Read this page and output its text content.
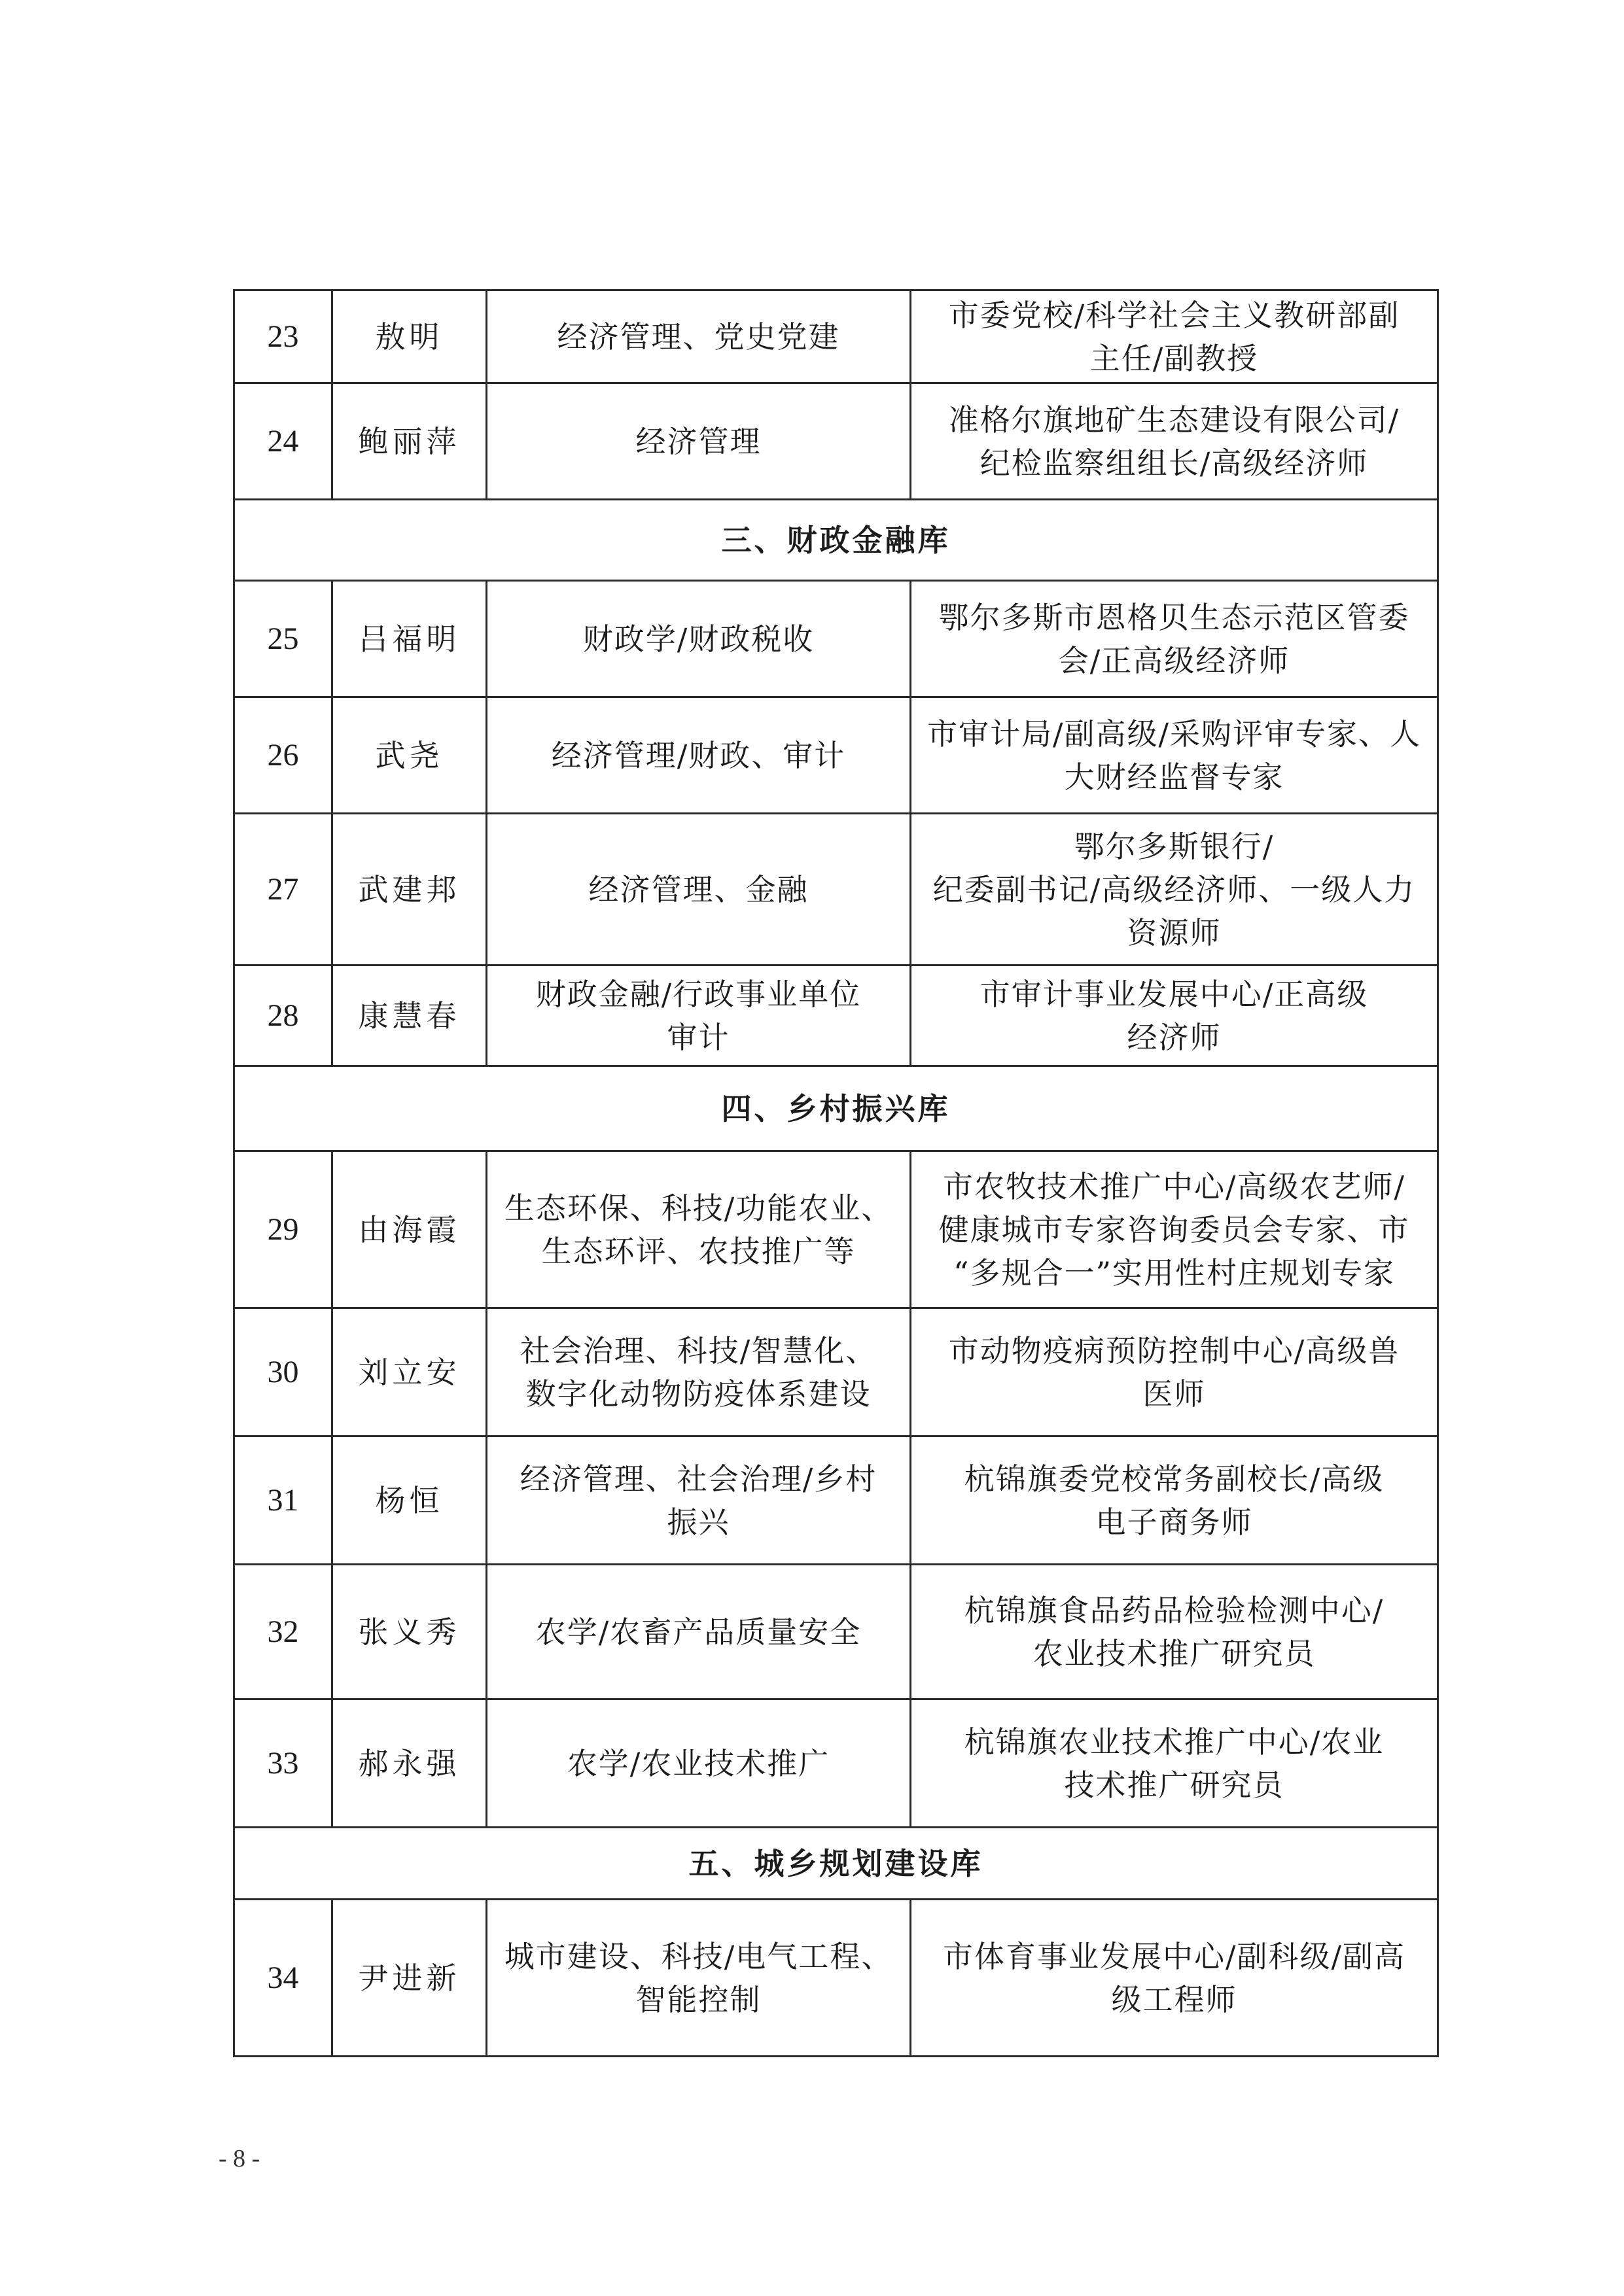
23	敖明	经济管理、党史党建	市委党校/科学社会主义教研部副
主任/副教授

24	鲍丽萍	经济管理	准格尔旗地矿生态建设有限公司/
纪检监察组组长/高级经济师

三、财政金融库			
25	吕福明	财政学/财政税收	鄂尔多斯市恩格贝生态示范区管委
会/正高级经济师

26	武尧	经济管理/财政、审计	市审计局/副高级/采购评审专家、人
大财经监督专家

27	武建邦	经济管理、金融	鄂尔多斯银行/
纪委副书记/高级经济师、一级人力
资源师

28	康慧春	财政金融/行政事业单位
审计	市审计事业发展中心/正高级
经济师

四、乡村振兴库			
29	由海霞	生态环保、科技/功能农业、
生态环评、农技推广等	市农牧技术推广中心/高级农艺师/
健康城市专家咨询委员会专家、市
“多规合一”实用性村庄规划专家

30	刘立安	社会治理、科技/智慧化、
数字化动物防疫体系建设	市动物疫病预防控制中心/高级兽
医师

31	杨恒	经济管理、社会治理/乡村
振兴	杭锦旗委党校常务副校长/高级
电子商务师

32	张义秀	农学/农畜产品质量安全	杭锦旗食品药品检验检测中心/
农业技术推广研究员

33	郝永强	农学/农业技术推广	杭锦旗农业技术推广中心/农业
技术推广研究员

五、城乡规划建设库			
34	尹进新	城市建设、科技/电气工程、
智能控制	市体育事业发展中心/副科级/副高
级工程师
- 8 -
